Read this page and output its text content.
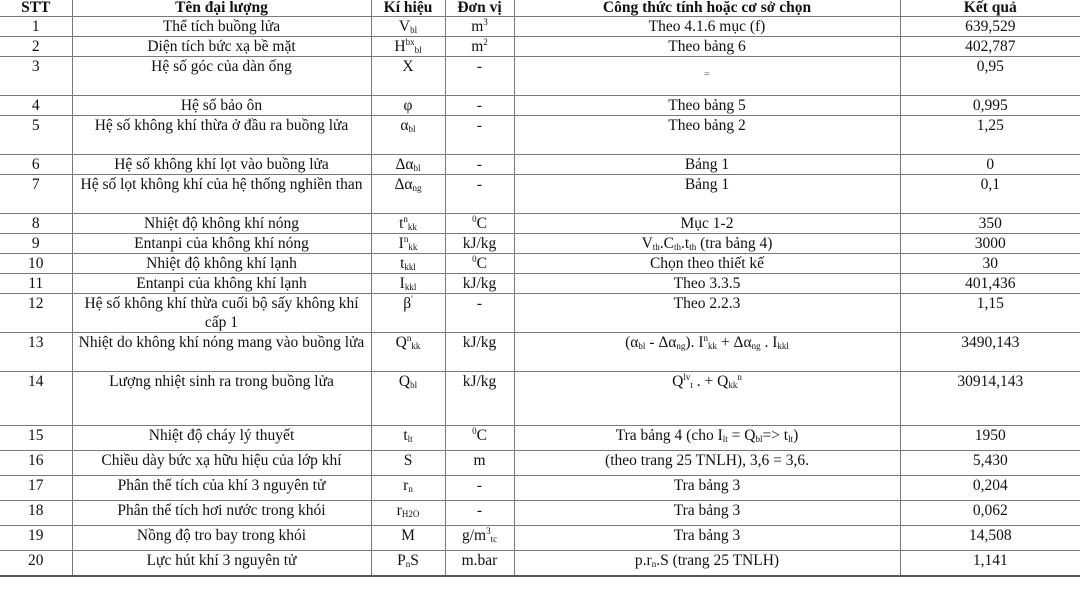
STT	Tên đại lượng	Kí hiệu	Đơn vị	Công thức tính hoặc cơ sở chọn	Kết quả
1	Thể tích buồng lửa	$V_{bl}$	$m^3$	Theo 4.1.6 mục (f)	639,529
2	Diện tích bức xạ bề mặt	$H^{bx}_{bl}$	$m^2$	Theo bảng 6	402,787
3	Hệ số góc của dàn ống	X	-	=	0,95
4	Hệ số bảo ôn	φ	-	Theo bảng 5	0,995
5	Hệ số không khí thừa ở đầu ra buồng lửa	$\alpha_{bl}$	-	Theo bảng 2	1,25
6	Hệ số không khí lọt vào buồng lửa	$\Delta\alpha_{bl}$	-	Bảng 1	0
7	Hệ số lọt không khí của hệ thống nghiền than	$\Delta\alpha_{ng}$	-	Bảng 1	0,1
8	Nhiệt độ không khí nóng	$t^n_{kk}$	$^0$C	Mục 1-2	350
9	Entanpi của không khí nóng	$I^n_{kk}$	kJ/kg	$V_{th}.C_{th}.t_{th}$ (tra bảng 4)	3000
10	Nhiệt độ không khí lạnh	$t_{kkl}$	$^0$C	Chọn theo thiết kế	30
11	Entanpi của không khí lạnh	$I_{kkl}$	kJ/kg	Theo 3.3.5	401,436
12	Hệ số không khí thừa cuối bộ sấy không khí cấp 1	β'	-	Theo 2.2.3	1,15
13	Nhiệt do không khí nóng mang vào buồng lửa	$Q^n_{kk}$	kJ/kg	$(\alpha_{bl} - \Delta\alpha_{ng})$. $I^n_{kk} + \Delta\alpha_{ng}$ . $I_{kkl}$	3490,143
14	Lượng nhiệt sinh ra trong buồng lửa	$Q_{bl}$	kJ/kg	$Q^{lv}_t$ . + $Q_{kk}^n$	30914,143
15	Nhiệt độ cháy lý thuyết	$t_{lt}$	$^0$C	Tra bảng 4 (cho $I_{lt} = Q_{bl}=> t_{lt}$)	1950
16	Chiều dày bức xạ hữu hiệu của lớp khí	S	m	(theo trang 25 TNLH), 3,6 = 3,6.	5,430
17	Phân thể tích của khí 3 nguyên tử	$r_n$	-	Tra bảng 3	0,204
18	Phân thể tích hơi nước trong khói	$r_{H2O}$	-	Tra bảng 3	0,062
19	Nồng độ tro bay trong khói	M	$g/m^3_{tc}$	Tra bảng 3	14,508
20	Lực hút khí 3 nguyên tử	$P_nS$	m.bar	$p.r_n.S$ (trang 25 TNLH)	1,141
